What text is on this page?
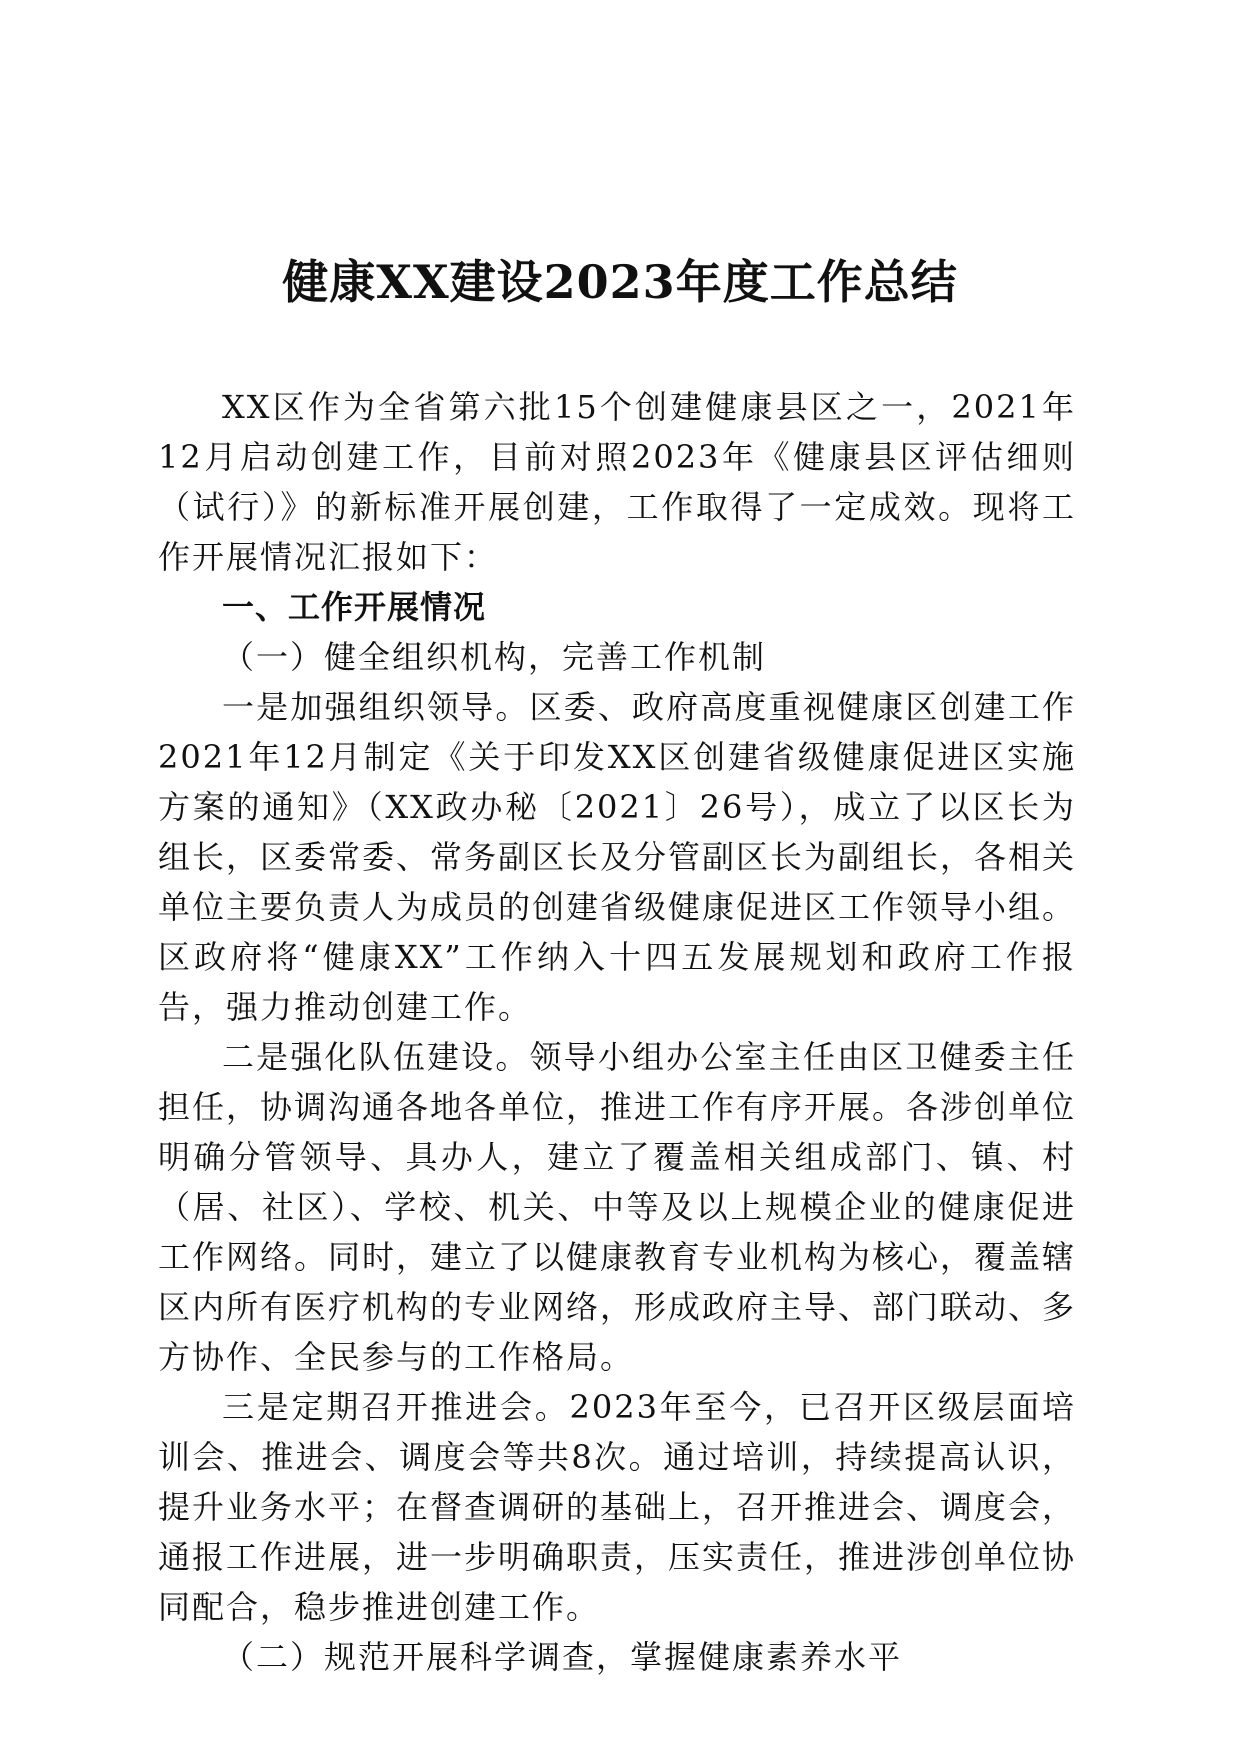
健康XX建设2023年度工作总结

XX区作为全省第六批15个创建健康县区之一，2021年12月启动创建工作，目前对照2023年《健康县区评估细则（试行）》的新标准开展创建，工作取得了一定成效。现将工作开展情况汇报如下：

一、工作开展情况

（一）健全组织机构，完善工作机制

一是加强组织领导。区委、政府高度重视健康区创建工作2021年12月制定《关于印发XX区创建省级健康促进区实施方案的通知》（XX政办秘〔2021〕26号），成立了以区长为组长，区委常委、常务副区长及分管副区长为副组长，各相关单位主要负责人为成员的创建省级健康促进区工作领导小组。区政府将“健康XX”工作纳入十四五发展规划和政府工作报告，强力推动创建工作。

二是强化队伍建设。领导小组办公室主任由区卫健委主任担任，协调沟通各地各单位，推进工作有序开展。各涉创单位明确分管领导、具办人，建立了覆盖相关组成部门、镇、村（居、社区）、学校、机关、中等及以上规模企业的健康促进工作网络。同时，建立了以健康教育专业机构为核心，覆盖辖区内所有医疗机构的专业网络，形成政府主导、部门联动、多方协作、全民参与的工作格局。

三是定期召开推进会。2023年至今，已召开区级层面培训会、推进会、调度会等共8次。通过培训，持续提高认识，提升业务水平；在督查调研的基础上，召开推进会、调度会，通报工作进展，进一步明确职责，压实责任，推进涉创单位协同配合，稳步推进创建工作。

（二）规范开展科学调查，掌握健康素养水平
